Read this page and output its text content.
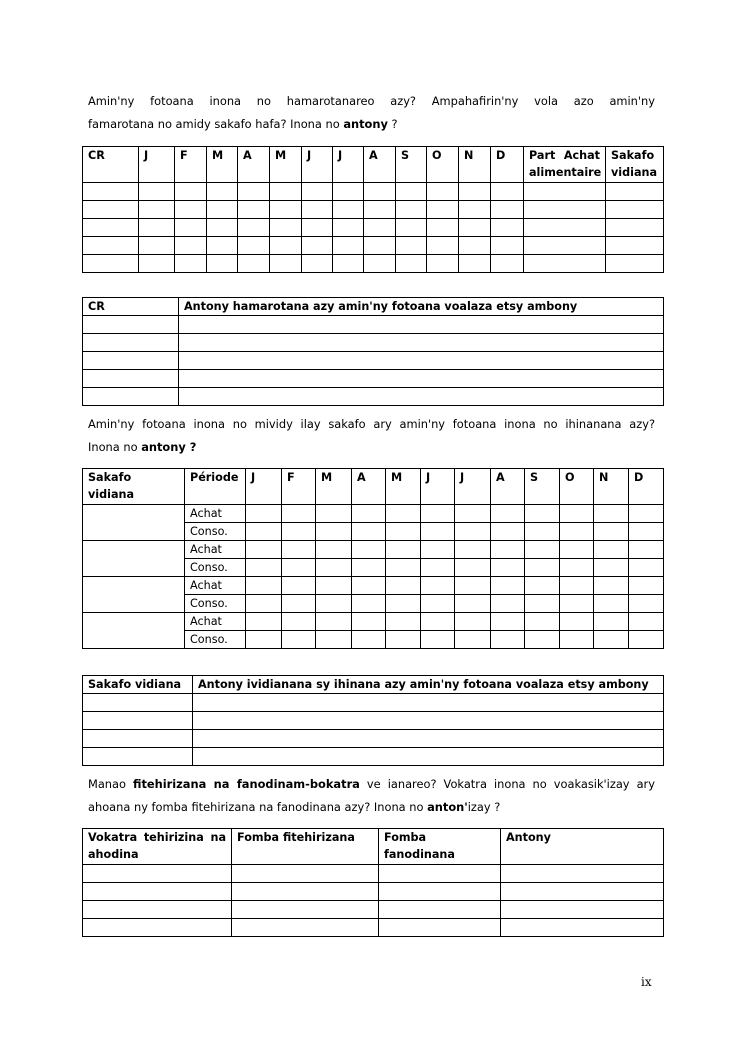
Amin'ny fotoana inona no hamarotanareo azy? Ampahafirin'ny vola azo amin'ny
famarotana no amidy sakafo hafa? Inona no antony ?
CR	J	F	M	A	M	J	J	A	S	O	N	D	Part Achat alimentaire	Sakafo vidiana

CR	Antony hamarotana azy amin'ny fotoana voalaza etsy ambony

Amin'ny fotoana inona no mividy ilay sakafo ary amin'ny fotoana inona no ihinanana azy?
Inona no antony ?
Sakafo vidiana	Période	J	F	M	A	M	J	J	A	S	O	N	D
	Achat												
	Conso.												
	Achat												
	Conso.												
	Achat												
	Conso.												
	Achat												
	Conso.												
Sakafo vidiana	Antony ividianana sy ihinana azy amin'ny fotoana voalaza etsy ambony

Manao fitehirizana na fanodinam-bokatra ve ianareo? Vokatra inona no voakasik'izay ary
ahoana ny fomba fitehirizana na fanodinana azy? Inona no anton'izay ?
Vokatra tehirizina na ahodina	Fomba fitehirizana	Fomba fanodinana	Antony

ix
